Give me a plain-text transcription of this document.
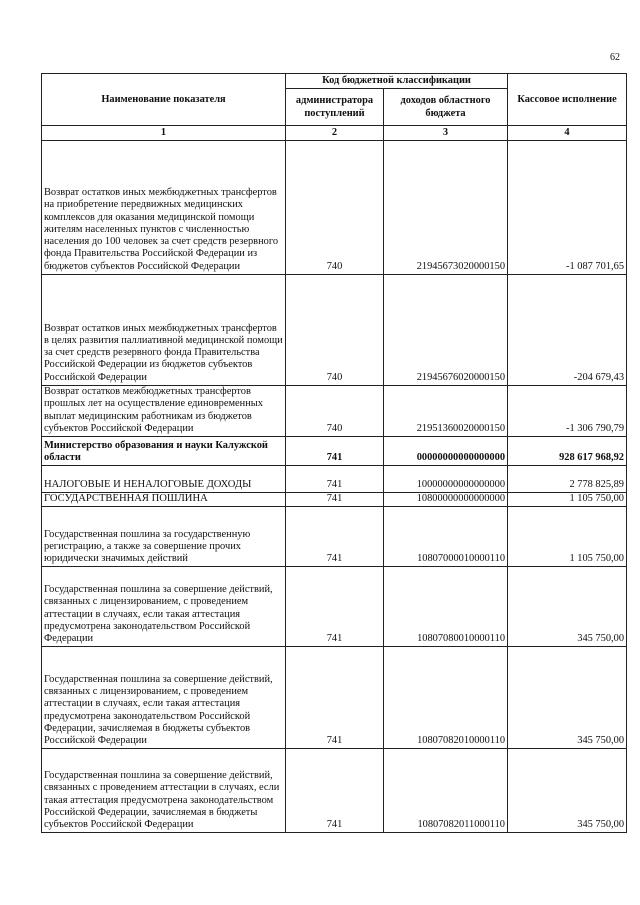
62
Наименование показателя	Код бюджетной классификации		Кассовое исполнение
	администратора поступлений	доходов областного бюджета	
1	2	3	4
Возврат остатков иных межбюджетных трансфертов на приобретение передвижных медицинских комплексов для оказания медицинской помощи жителям населенных пунктов с численностью населения до 100 человек за счет средств резервного фонда Правительства Российской Федерации из бюджетов субъектов Российской Федерации	740	21945673020000150	-1 087 701,65
Возврат остатков иных межбюджетных трансфертов в целях развития паллиативной медицинской помощи за счет средств резервного фонда Правительства Российской Федерации из бюджетов субъектов Российской Федерации	740	21945676020000150	-204 679,43
Возврат остатков межбюджетных трансфертов прошлых лет на осуществление единовременных выплат медицинским работникам из бюджетов субъектов Российской Федерации	740	21951360020000150	-1 306 790,79
Министерство образования и науки Калужской области	741	00000000000000000	928 617 968,92
НАЛОГОВЫЕ И НЕНАЛОГОВЫЕ ДОХОДЫ	741	10000000000000000	2 778 825,89
ГОСУДАРСТВЕННАЯ ПОШЛИНА	741	10800000000000000	1 105 750,00
Государственная пошлина за государственную регистрацию, а также за совершение прочих юридически значимых действий	741	10807000010000110	1 105 750,00
Государственная пошлина за совершение действий, связанных с лицензированием, с проведением аттестации в случаях, если такая аттестация предусмотрена законодательством Российской Федерации	741	10807080010000110	345 750,00
Государственная пошлина за совершение действий, связанных с лицензированием, с проведением аттестации в случаях, если такая аттестация предусмотрена законодательством Российской Федерации, зачисляемая в бюджеты субъектов Российской Федерации	741	10807082010000110	345 750,00
Государственная пошлина за совершение действий, связанных с проведением аттестации в случаях, если такая аттестация предусмотрена законодательством Российской Федерации, зачисляемая в бюджеты субъектов Российской Федерации	741	10807082011000110	345 750,00
